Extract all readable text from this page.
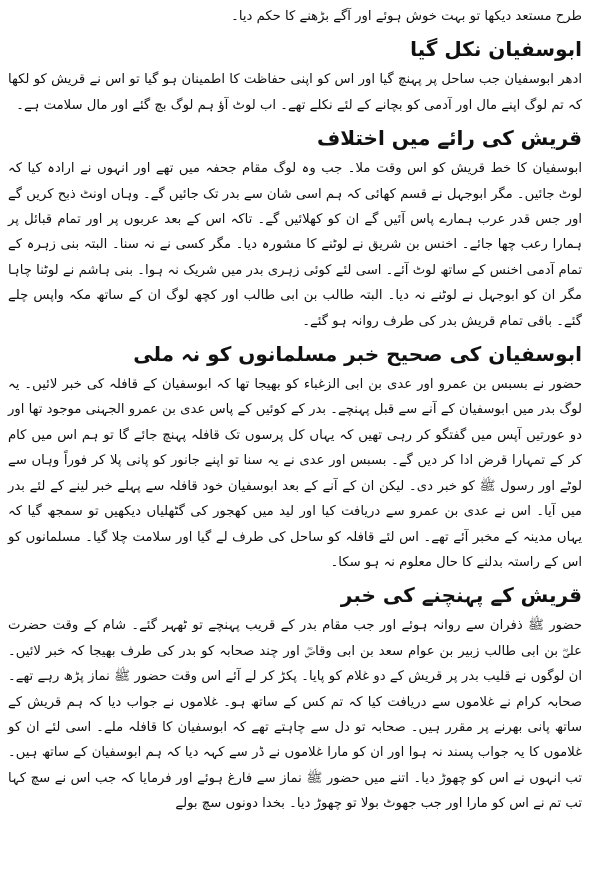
طرح مستعد دیکھا تو بہت خوش ہوئے اور آگے بڑھنے کا حکم دیا۔

ابوسفیان نکل گیا

ادھر ابوسفیان جب ساحل پر پہنچ گیا اور اس کو اپنی حفاظت کا اطمینان ہو گیا تو اس نے قریش کو لکھا کہ تم لوگ اپنے مال اور آدمی کو بچانے کے لئے نکلے تھے۔ اب لوٹ آؤ ہم لوگ بچ گئے اور مال سلامت ہے۔

قریش کی رائے میں اختلاف

ابوسفیان کا خط قریش کو اس وقت ملا۔ جب وہ لوگ مقام جحفہ میں تھے اور انہوں نے ارادہ کیا کہ لوٹ جائیں۔ مگر ابوجہل نے قسم کھائی کہ ہم اسی شان سے بدر تک جائیں گے۔ وہاں اونٹ ذبح کریں گے اور جس قدر عرب ہمارے پاس آئیں گے ان کو کھلائیں گے۔ تاکہ اس کے بعد عربوں پر اور تمام قبائل پر ہمارا رعب چھا جائے۔ اخنس بن شریق نے لوٹنے کا مشورہ دیا۔ مگر کسی نے نہ سنا۔ البتہ بنی زہرہ کے تمام آدمی اخنس کے ساتھ لوٹ آئے۔ اسی لئے کوئی زہری بدر میں شریک نہ ہوا۔ بنی ہاشم نے لوٹنا چاہا مگر ان کو ابوجہل نے لوٹنے نہ دیا۔ البتہ طالب بن ابی طالب اور کچھ لوگ ان کے ساتھ مکہ واپس چلے گئے۔ باقی تمام قریش بدر کی طرف روانہ ہو گئے۔

ابوسفیان کی صحیح خبر مسلمانوں کو نہ ملی

حضور نے بسبس بن عمرو اور عدی بن ابی الزغباء کو بھیجا تھا کہ ابوسفیان کے قافلہ کی خبر لائیں۔ یہ لوگ بدر میں ابوسفیان کے آنے سے قبل پہنچے۔ بدر کے کوئیں کے پاس عدی بن عمرو الجہنی موجود تھا اور دو عورتیں آپس میں گفتگو کر رہی تھیں کہ یہاں کل پرسوں تک قافلہ پہنچ جائے گا تو ہم اس میں کام کر کے تمہارا قرض ادا کر دیں گے۔ بسبس اور عدی نے یہ سنا تو اپنے جانور کو پانی پلا کر فوراً وہاں سے لوٹے اور رسول ﷺ کو خبر دی۔ لیکن ان کے آنے کے بعد ابوسفیان خود قافلہ سے پہلے خبر لینے کے لئے بدر میں آیا۔ اس نے عدی بن عمرو سے دریافت کیا اور لید میں کھجور کی گٹھلیاں دیکھیں تو سمجھ گیا کہ یہاں مدینہ کے مخبر آئے تھے۔ اس لئے قافلہ کو ساحل کی طرف لے گیا اور سلامت چلا گیا۔ مسلمانوں کو اس کے راستہ بدلنے کا حال معلوم نہ ہو سکا۔

قریش کے پہنچنے کی خبر

حضور ﷺ ذفران سے روانہ ہوئے اور جب مقام بدر کے قریب پہنچے تو ٹھہر گئے۔ شام کے وقت حضرت علیؓ بن ابی طالب زبیر بن عوام سعد بن ابی وقاصؓ اور چند صحابہ کو بدر کی طرف بھیجا کہ خبر لائیں۔ ان لوگوں نے قلیب بدر پر قریش کے دو غلام کو پایا۔ پکڑ کر لے آئے اس وقت حضور ﷺ نماز پڑھ رہے تھے۔ صحابہ کرام نے غلاموں سے دریافت کیا کہ تم کس کے ساتھ ہو۔ غلاموں نے جواب دیا کہ ہم قریش کے ساتھ پانی بھرنے پر مقرر ہیں۔ صحابہ تو دل سے چاہتے تھے کہ ابوسفیان کا قافلہ ملے۔ اسی لئے ان کو غلاموں کا یہ جواب پسند نہ ہوا اور ان کو مارا غلاموں نے ڈر سے کہہ دیا کہ ہم ابوسفیان کے ساتھ ہیں۔ تب انہوں نے اس کو چھوڑ دیا۔ اتنے میں حضور ﷺ نماز سے فارغ ہوئے اور فرمایا کہ جب اس نے سچ کہا تب تم نے اس کو مارا اور جب جھوٹ بولا تو چھوڑ دیا۔ بخدا دونوں سچ بولے
